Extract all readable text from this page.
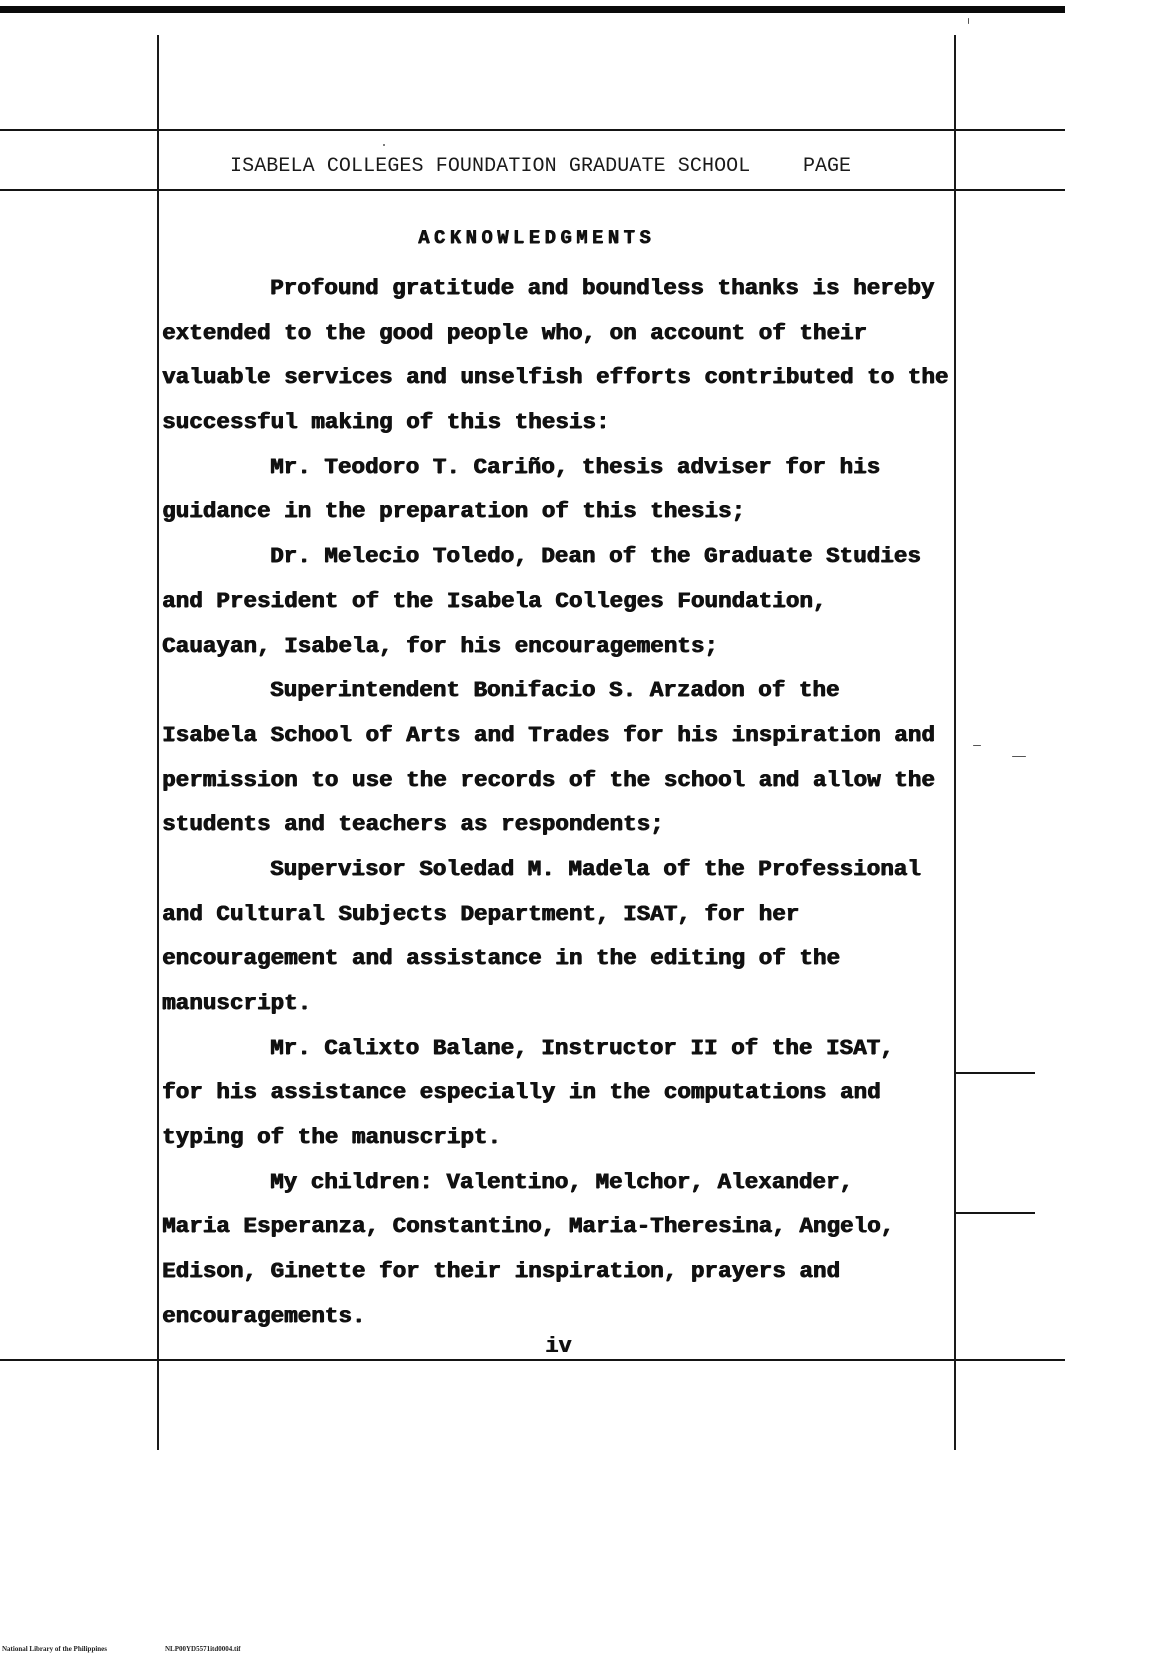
ISABELA COLLEGES FOUNDATION GRADUATE SCHOOL	PAGE
ACKNOWLEDGMENTS
Profound gratitude and boundless thanks is hereby
extended to the good people who, on account of their
valuable services and unselfish efforts contributed to the
successful making of this thesis:
Mr. Teodoro T. Cariño, thesis adviser for his
guidance in the preparation of this thesis;
Dr. Melecio Toledo, Dean of the Graduate Studies
and President of the Isabela Colleges Foundation,
Cauayan, Isabela, for his encouragements;
Superintendent Bonifacio S. Arzadon of the
Isabela School of Arts and Trades for his inspiration and
permission to use the records of the school and allow the
students and teachers as respondents;
Supervisor Soledad M. Madela of the Professional
and Cultural Subjects Department, ISAT, for her
encouragement and assistance in the editing of the
manuscript.
Mr. Calixto Balane, Instructor II of the ISAT,
for his assistance especially in the computations and
typing of the manuscript.
My children: Valentino, Melchor, Alexander,
Maria Esperanza, Constantino, Maria-Theresina, Angelo,
Edison, Ginette for their inspiration, prayers and
encouragements.
iv
National Library of the Philippines	NLP00YD5571itd0004.tif
